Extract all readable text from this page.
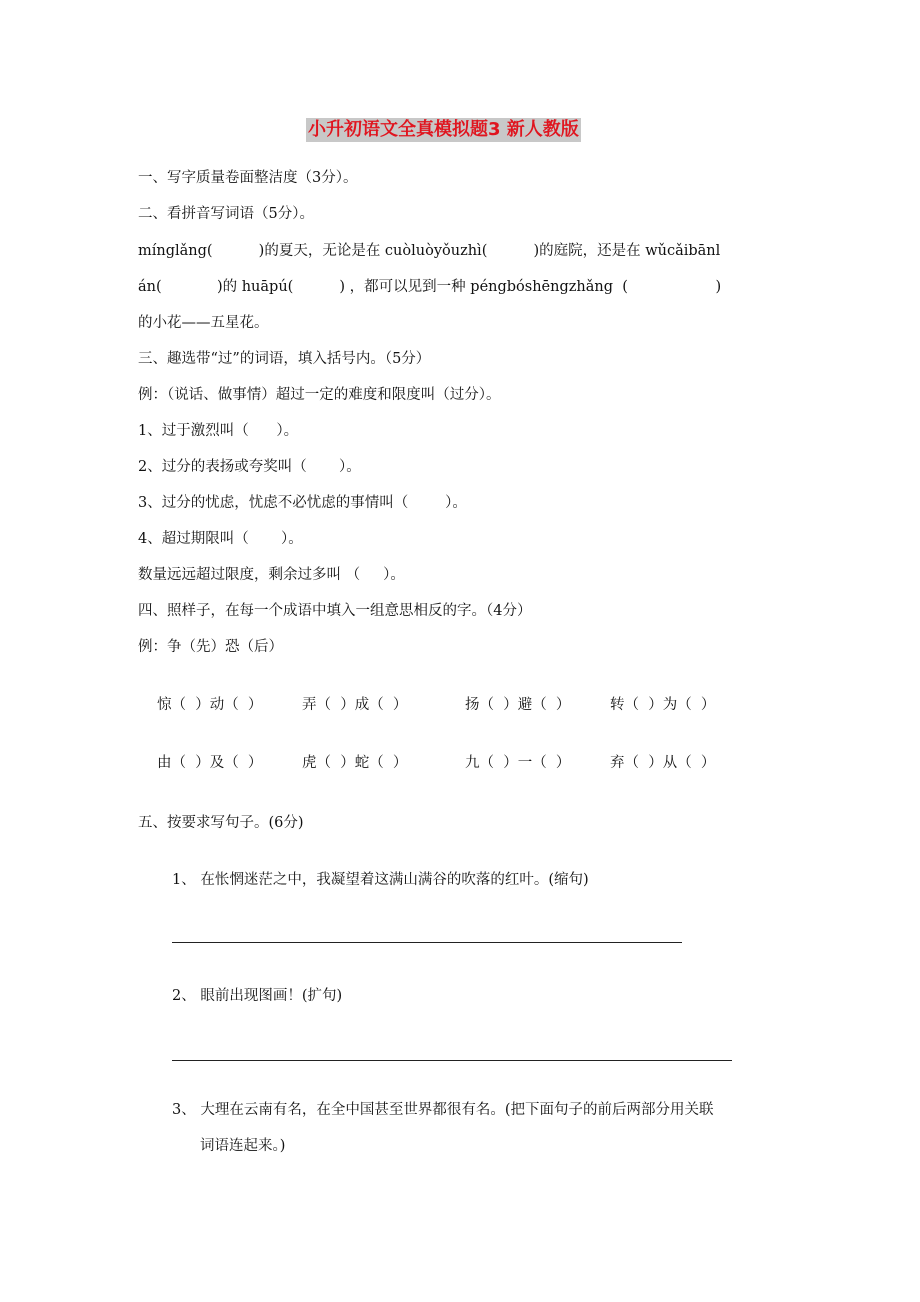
小升初语文全真模拟题3 新人教版
一、写字质量卷面整洁度（3分）。
二、看拼音写词语（5分）。
mínglǎng(          )的夏天，无论是在 cuòluòyǒuzhì(          )的庭院，还是在 wǔcǎibānl
án(            )的 huāpú(          ) ，都可以见到一种 péngbóshēngzhǎng  (                   )
的小花——五星花。
三、趣选带“过”的词语，填入括号内。（5分）
例：（说话、做事情）超过一定的难度和限度叫（过分）。
1、过于激烈叫（      ）。
2、过分的表扬或夸奖叫（       ）。
3、过分的忧虑，忧虑不必忧虑的事情叫（        ）。
4、超过期限叫（       ）。
数量远远超过限度，剩余过多叫 （     ）。
四、照样子，在每一个成语中填入一组意思相反的字。（4分）
例：争（先）恐（后）
惊（  ）动（  ）	弄（  ）成（  ）	扬（  ）避（  ）	转（  ）为（  ）
由（  ）及（  ）	虎（  ）蛇（  ）	九（  ）一（  ）	弃（  ）从（  ）
五、按要求写句子。(6分)
1、 在怅惘迷茫之中，我凝望着这满山满谷的吹落的红叶。(缩句)
2、 眼前出现图画！(扩句)
3、 大理在云南有名，在全中国甚至世界都很有名。(把下面句子的前后两部分用关联
词语连起来。)
